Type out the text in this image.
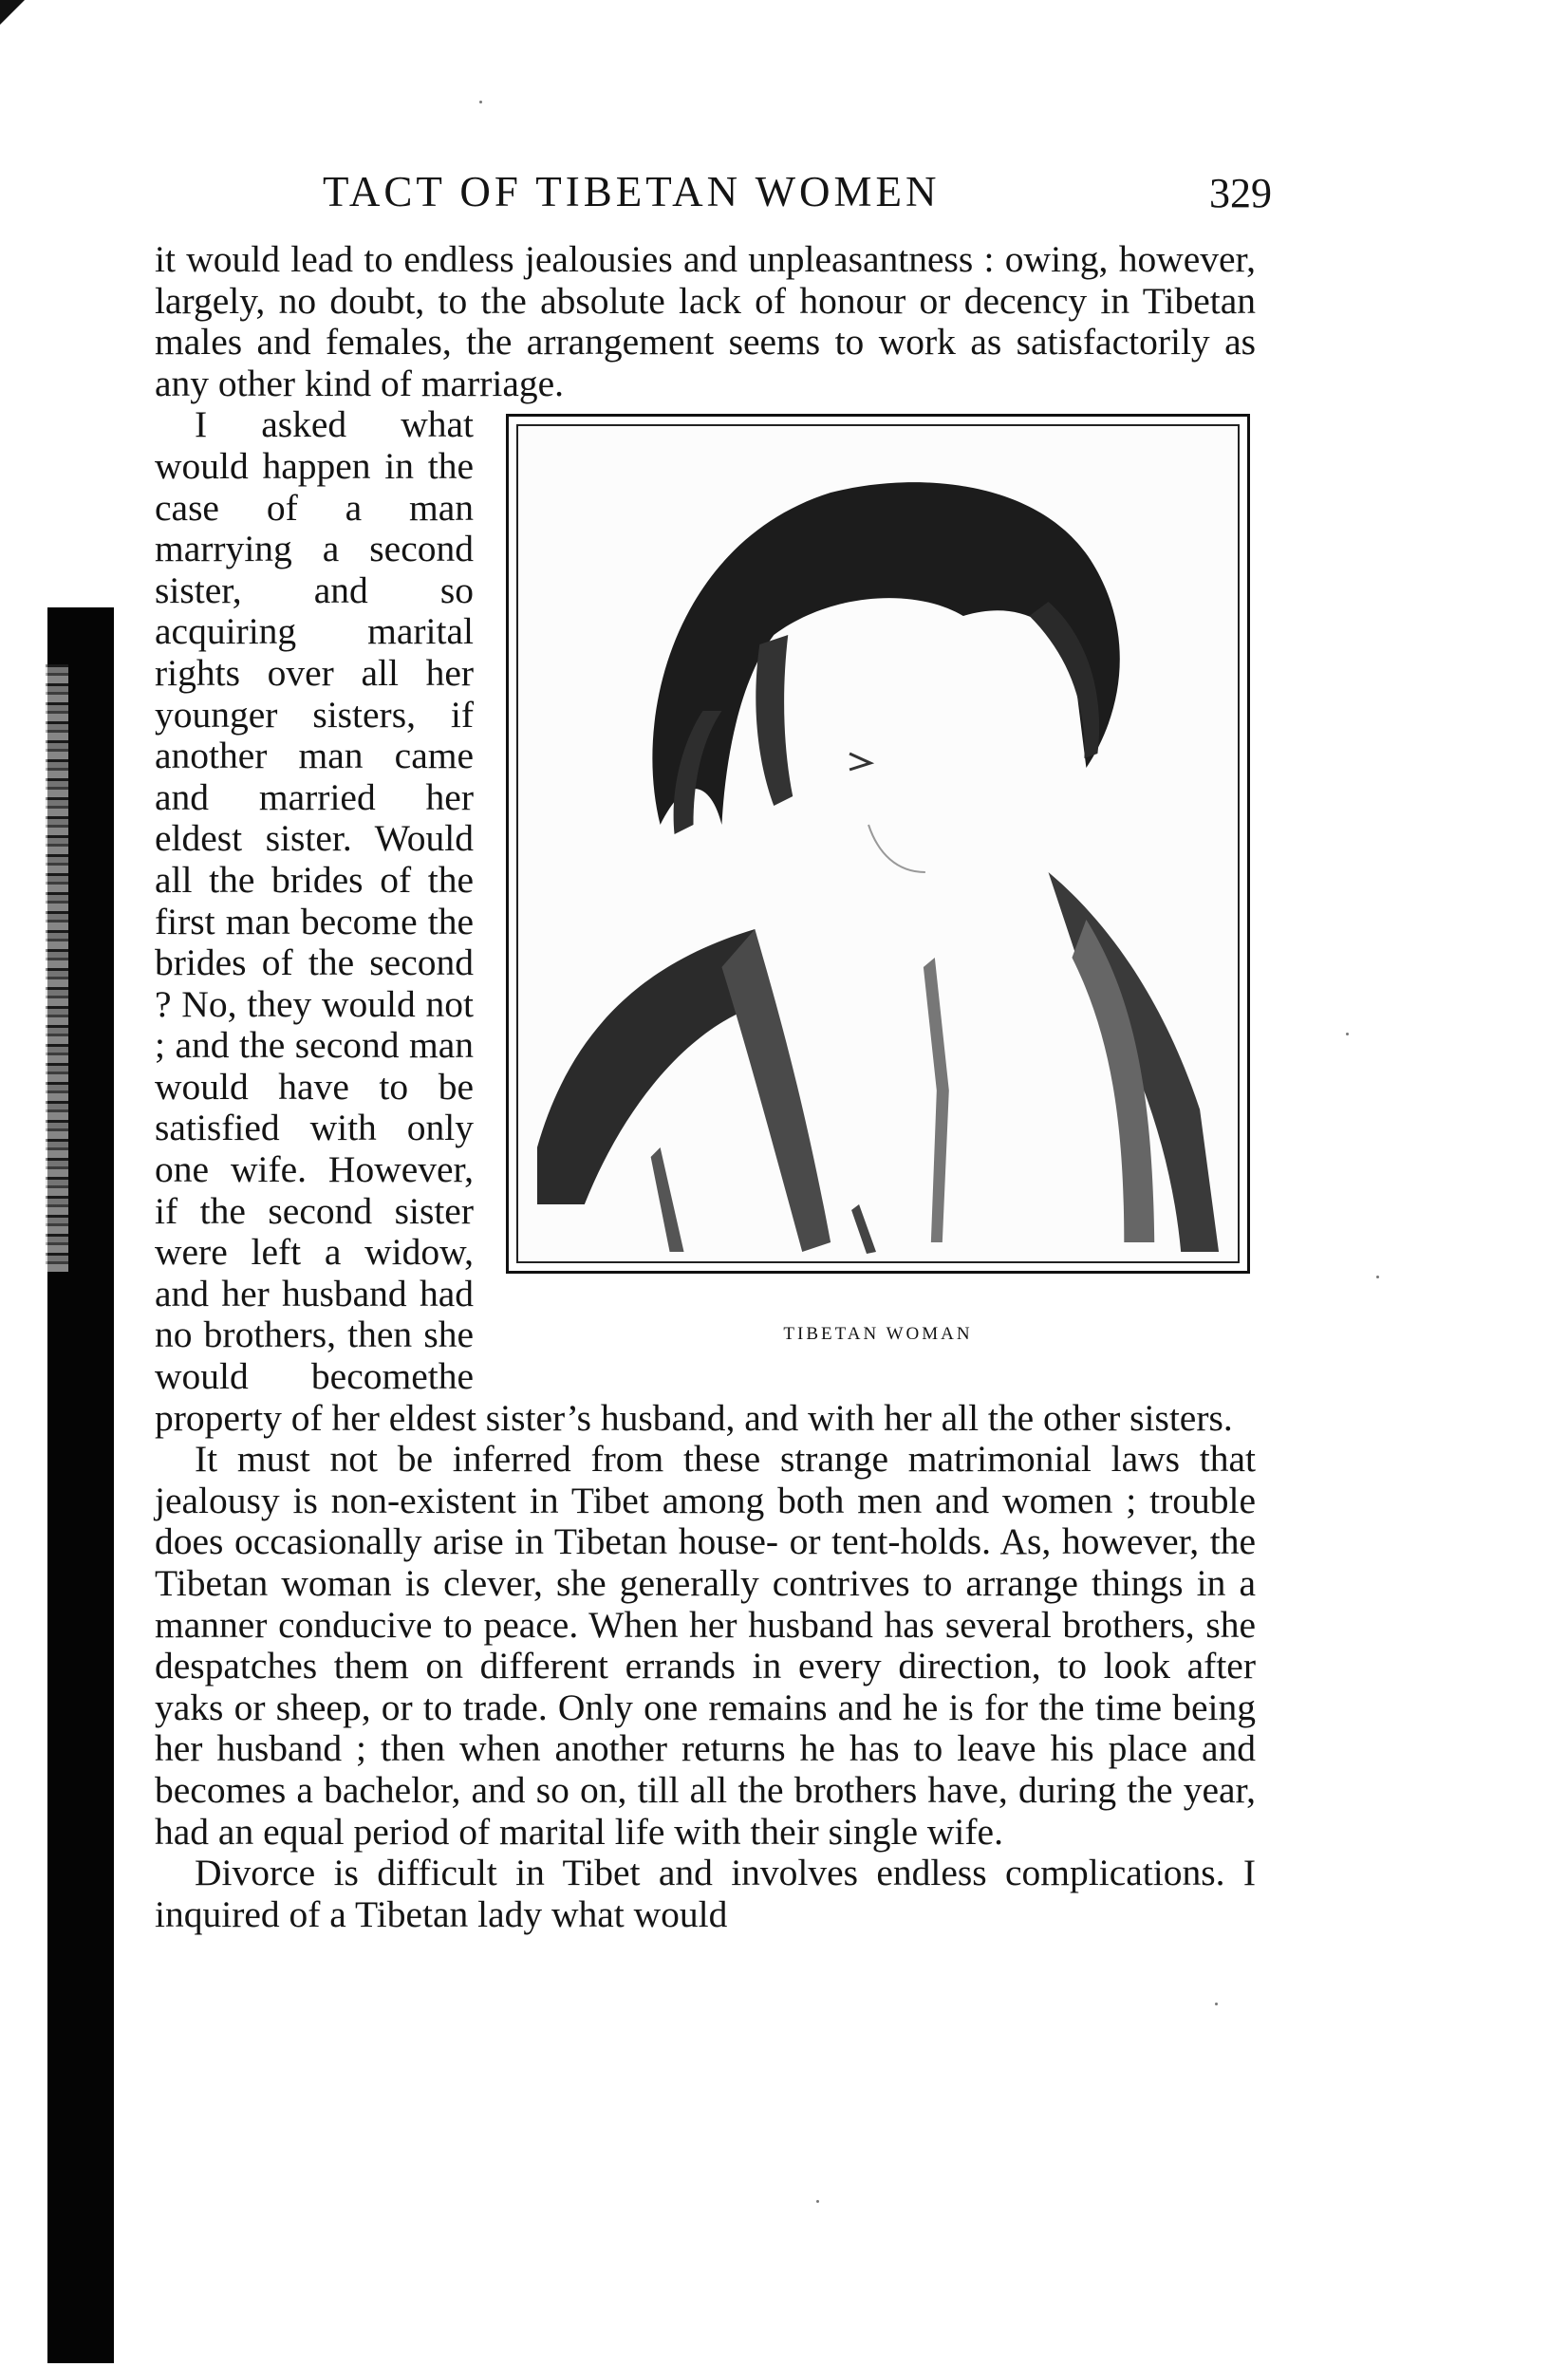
TACT OF TIBETAN WOMEN	329

it would lead to endless jealousies and unpleasantness : owing, however, largely, no doubt, to the absolute lack of honour or decency in Tibetan males and females, the arrangement seems to work as satisfactorily as any other kind of marriage.

TIBETAN WOMAN

I asked what would happen in the case of a man marrying a second sister, and so acquiring marital rights over all her younger sisters, if another man came and married her eldest sister. Would all the brides of the first man become the brides of the second ? No, they would not ; and the second man would have to be satisfied with only one wife. However, if the second sister were left a widow, and her husband had no brothers, then she would becomethe property of her eldest sister’s husband, and with her all the other sisters.

It must not be inferred from these strange matrimonial laws that jealousy is non-existent in Tibet among both men and women ; trouble does occasionally arise in Tibetan house- or tent-holds. As, however, the Tibetan woman is clever, she generally contrives to arrange things in a manner conducive to peace. When her husband has several brothers, she despatches them on different errands in every direction, to look after yaks or sheep, or to trade. Only one remains and he is for the time being her husband ; then when another returns he has to leave his place and becomes a bachelor, and so on, till all the brothers have, during the year, had an equal period of marital life with their single wife.

Divorce is difficult in Tibet and involves endless complications. I inquired of a Tibetan lady what would
